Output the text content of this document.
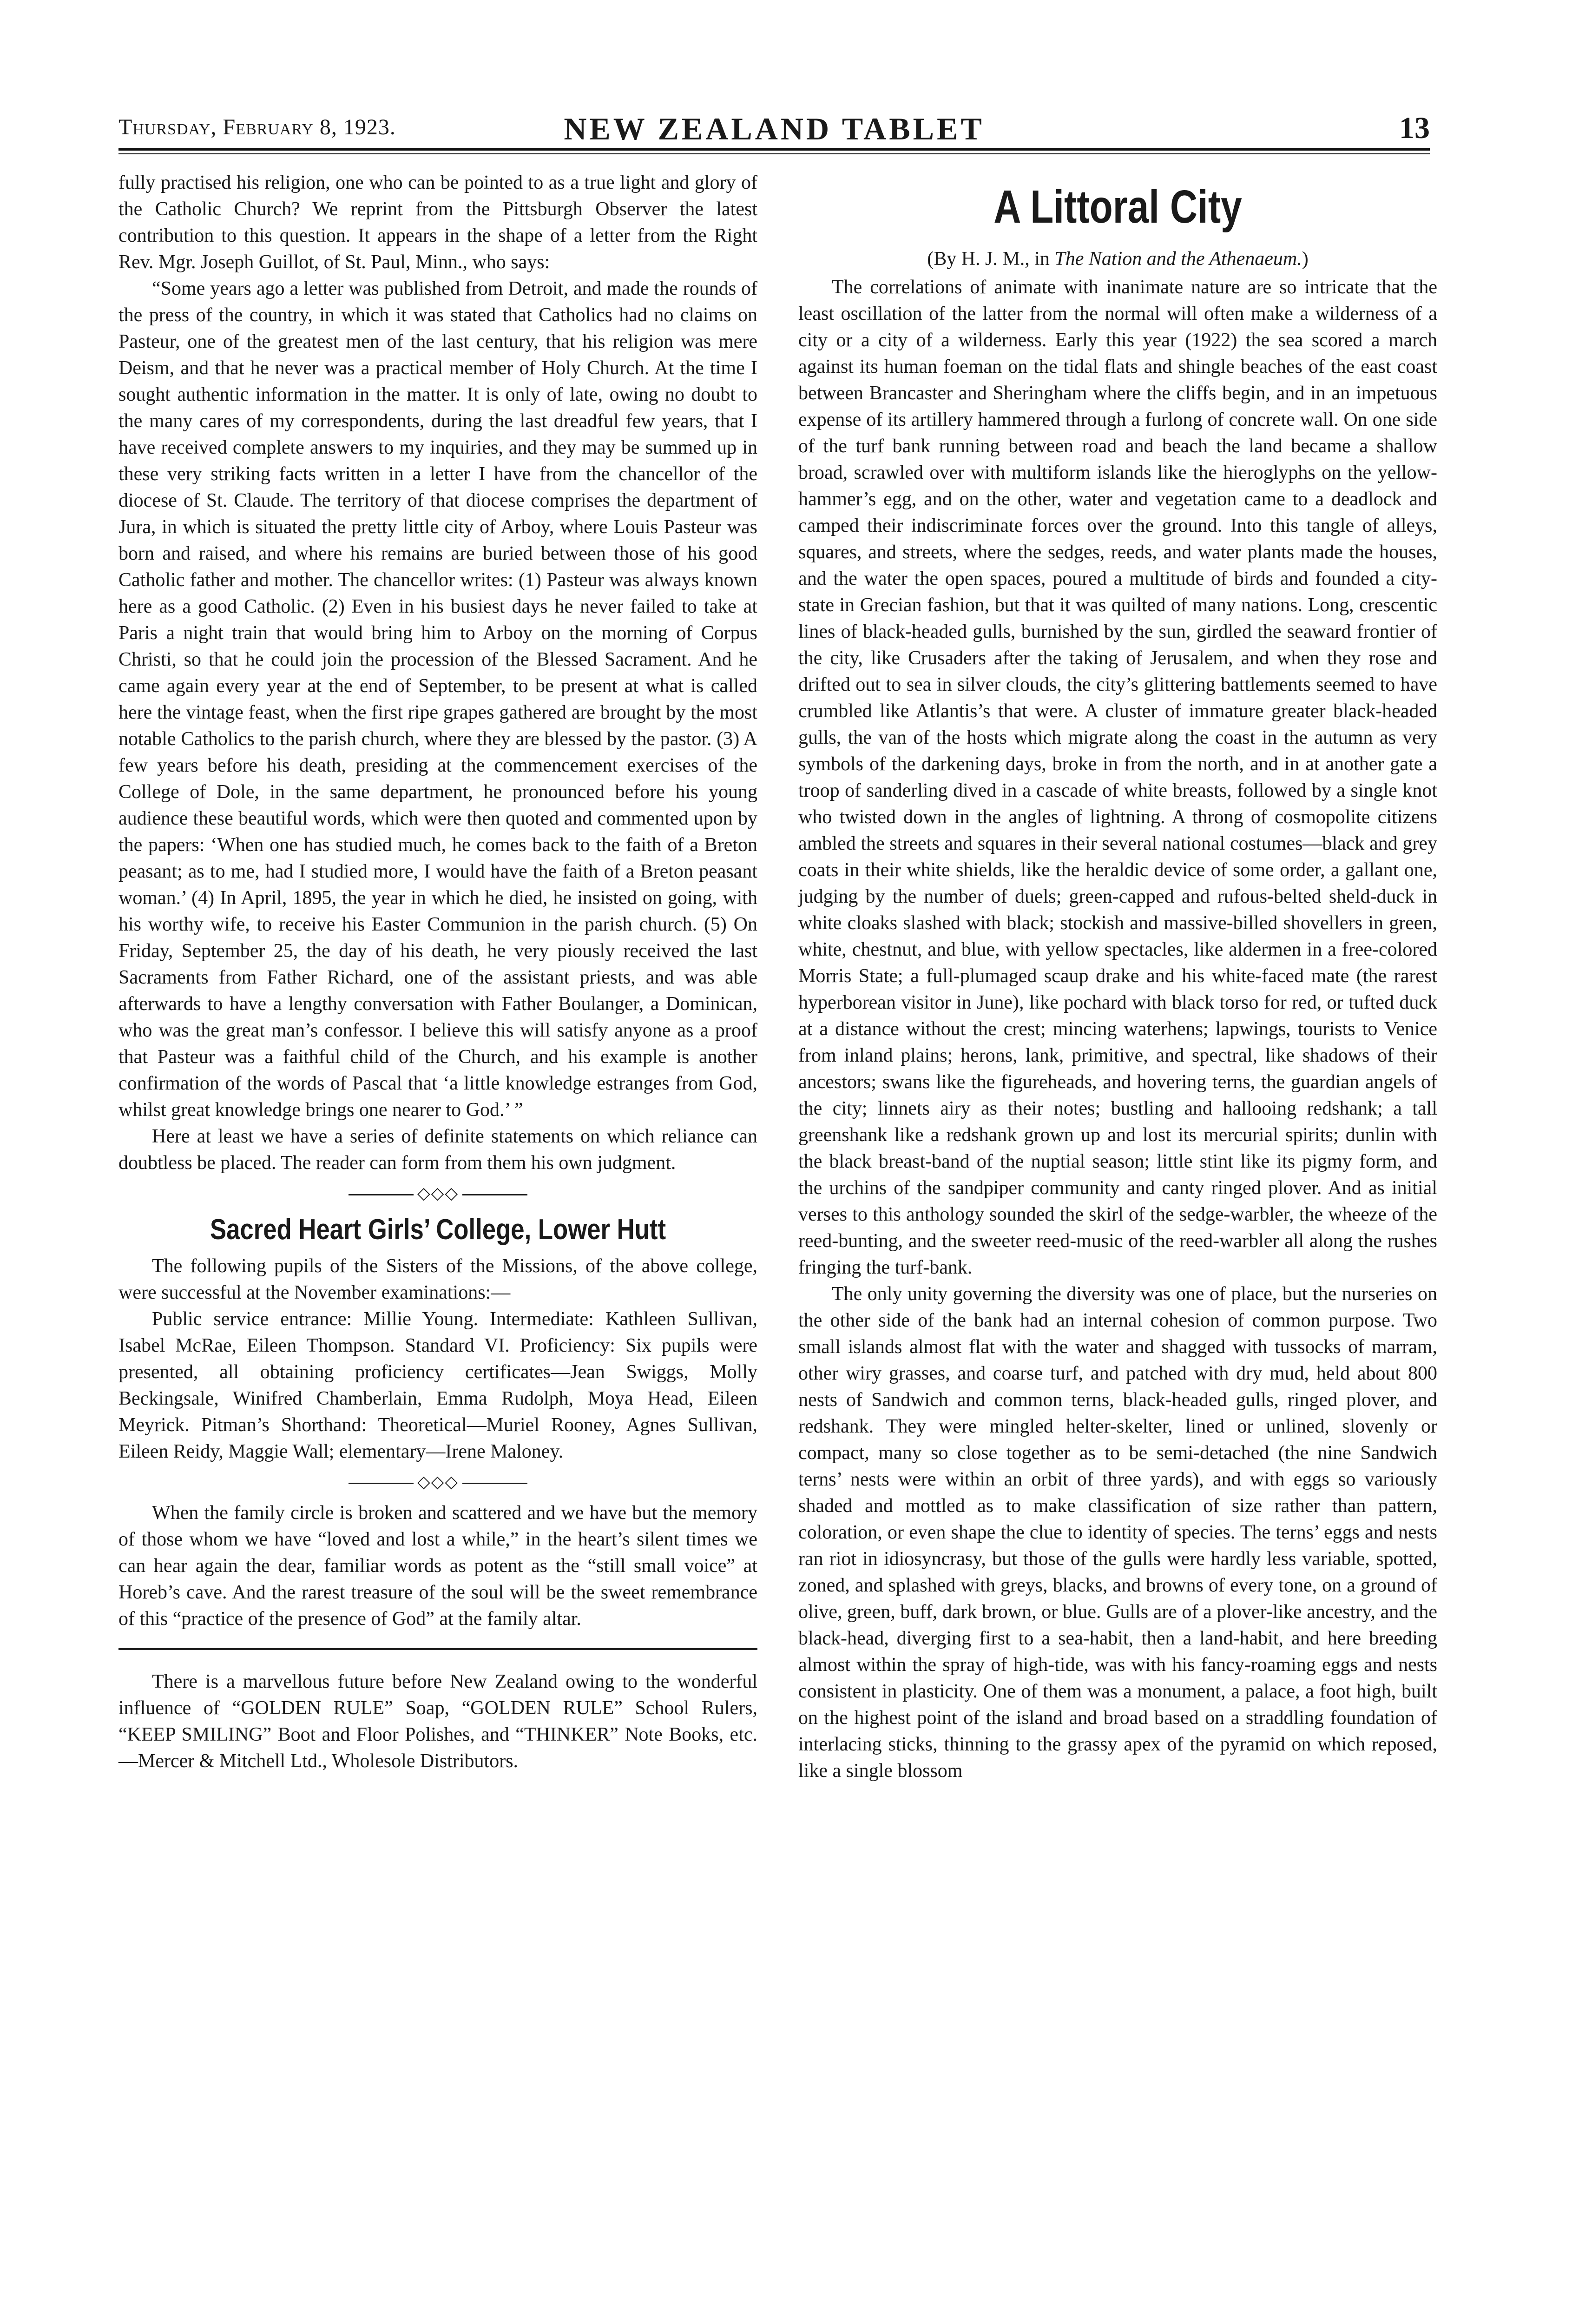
Thursday, February 8, 1923.	NEW ZEALAND TABLET	13

fully practised his religion, one who can be pointed to as a true light and glory of the Catholic Church? We reprint from the Pittsburgh Observer the latest contribution to this question. It appears in the shape of a letter from the Right Rev. Mgr. Joseph Guillot, of St. Paul, Minn., who says:

“Some years ago a letter was published from Detroit, and made the rounds of the press of the country, in which it was stated that Catholics had no claims on Pasteur, one of the greatest men of the last century, that his religion was mere Deism, and that he never was a practical member of Holy Church. At the time I sought authentic information in the matter. It is only of late, owing no doubt to the many cares of my correspondents, during the last dreadful few years, that I have received complete answers to my inquiries, and they may be summed up in these very striking facts written in a letter I have from the chancellor of the diocese of St. Claude. The territory of that diocese comprises the department of Jura, in which is situated the pretty little city of Arboy, where Louis Pasteur was born and raised, and where his remains are buried between those of his good Catholic father and mother. The chancellor writes: (1) Pasteur was always known here as a good Catholic. (2) Even in his busiest days he never failed to take at Paris a night train that would bring him to Arboy on the morning of Corpus Christi, so that he could join the procession of the Blessed Sacrament. And he came again every year at the end of September, to be present at what is called here the vintage feast, when the first ripe grapes gathered are brought by the most notable Catholics to the parish church, where they are blessed by the pastor. (3) A few years before his death, presiding at the commencement exercises of the College of Dole, in the same department, he pronounced before his young audience these beautiful words, which were then quoted and commented upon by the papers: ‘When one has studied much, he comes back to the faith of a Breton peasant; as to me, had I studied more, I would have the faith of a Breton peasant woman.’ (4) In April, 1895, the year in which he died, he insisted on going, with his worthy wife, to receive his Easter Communion in the parish church. (5) On Friday, September 25, the day of his death, he very piously received the last Sacraments from Father Richard, one of the assistant priests, and was able afterwards to have a lengthy conversation with Father Boulanger, a Dominican, who was the great man’s confessor. I believe this will satisfy anyone as a proof that Pasteur was a faithful child of the Church, and his example is another confirmation of the words of Pascal that ‘a little knowledge estranges from God, whilst great knowledge brings one nearer to God.’ ”

Here at least we have a series of definite statements on which reliance can doubtless be placed. The reader can form from them his own judgment.

◇◇◇
Sacred Heart Girls’ College, Lower Hutt

The following pupils of the Sisters of the Missions, of the above college, were successful at the November examinations:—

Public service entrance: Millie Young. Intermediate: Kathleen Sullivan, Isabel McRae, Eileen Thompson. Standard VI. Proficiency: Six pupils were presented, all obtaining proficiency certificates—Jean Swiggs, Molly Beckingsale, Winifred Chamberlain, Emma Rudolph, Moya Head, Eileen Meyrick. Pitman’s Shorthand: Theoretical—Muriel Rooney, Agnes Sullivan, Eileen Reidy, Maggie Wall; elementary—Irene Maloney.

◇◇◇

When the family circle is broken and scattered and we have but the memory of those whom we have “loved and lost a while,” in the heart’s silent times we can hear again the dear, familiar words as potent as the “still small voice” at Horeb’s cave. And the rarest treasure of the soul will be the sweet remembrance of this “practice of the presence of God” at the family altar.

There is a marvellous future before New Zealand owing to the wonderful influence of “GOLDEN RULE” Soap, “GOLDEN RULE” School Rulers, “KEEP SMILING” Boot and Floor Polishes, and “THINKER” Note Books, etc.—Mercer & Mitchell Ltd., Wholesole Distributors.

A Littoral City
(By H. J. M., in The Nation and the Athenaeum.)

The correlations of animate with inanimate nature are so intricate that the least oscillation of the latter from the normal will often make a wilderness of a city or a city of a wilderness. Early this year (1922) the sea scored a march against its human foeman on the tidal flats and shingle beaches of the east coast between Brancaster and Sheringham where the cliffs begin, and in an impetuous expense of its artillery hammered through a furlong of concrete wall. On one side of the turf bank running between road and beach the land became a shallow broad, scrawled over with multiform islands like the hieroglyphs on the yellow-hammer’s egg, and on the other, water and vegetation came to a deadlock and camped their indiscriminate forces over the ground. Into this tangle of alleys, squares, and streets, where the sedges, reeds, and water plants made the houses, and the water the open spaces, poured a multitude of birds and founded a city-state in Grecian fashion, but that it was quilted of many nations. Long, crescentic lines of black-headed gulls, burnished by the sun, girdled the seaward frontier of the city, like Crusaders after the taking of Jerusalem, and when they rose and drifted out to sea in silver clouds, the city’s glittering battlements seemed to have crumbled like Atlantis’s that were. A cluster of immature greater black-headed gulls, the van of the hosts which migrate along the coast in the autumn as very symbols of the darkening days, broke in from the north, and in at another gate a troop of sanderling dived in a cascade of white breasts, followed by a single knot who twisted down in the angles of lightning. A throng of cosmopolite citizens ambled the streets and squares in their several national costumes—black and grey coats in their white shields, like the heraldic device of some order, a gallant one, judging by the number of duels; green-capped and rufous-belted sheld-duck in white cloaks slashed with black; stockish and massive-billed shovellers in green, white, chestnut, and blue, with yellow spectacles, like aldermen in a free-colored Morris State; a full-plumaged scaup drake and his white-faced mate (the rarest hyperborean visitor in June), like pochard with black torso for red, or tufted duck at a distance without the crest; mincing waterhens; lapwings, tourists to Venice from inland plains; herons, lank, primitive, and spectral, like shadows of their ancestors; swans like the figureheads, and hovering terns, the guardian angels of the city; linnets airy as their notes; bustling and hallooing redshank; a tall greenshank like a redshank grown up and lost its mercurial spirits; dunlin with the black breast-band of the nuptial season; little stint like its pigmy form, and the urchins of the sandpiper community and canty ringed plover. And as initial verses to this anthology sounded the skirl of the sedge-warbler, the wheeze of the reed-bunting, and the sweeter reed-music of the reed-warbler all along the rushes fringing the turf-bank.

The only unity governing the diversity was one of place, but the nurseries on the other side of the bank had an internal cohesion of common purpose. Two small islands almost flat with the water and shagged with tussocks of marram, other wiry grasses, and coarse turf, and patched with dry mud, held about 800 nests of Sandwich and common terns, black-headed gulls, ringed plover, and redshank. They were mingled helter-skelter, lined or unlined, slovenly or compact, many so close together as to be semi-detached (the nine Sandwich terns’ nests were within an orbit of three yards), and with eggs so variously shaded and mottled as to make classification of size rather than pattern, coloration, or even shape the clue to identity of species. The terns’ eggs and nests ran riot in idiosyncrasy, but those of the gulls were hardly less variable, spotted, zoned, and splashed with greys, blacks, and browns of every tone, on a ground of olive, green, buff, dark brown, or blue. Gulls are of a plover-like ancestry, and the black-head, diverging first to a sea-habit, then a land-habit, and here breeding almost within the spray of high-tide, was with his fancy-roaming eggs and nests consistent in plasticity. One of them was a monument, a palace, a foot high, built on the highest point of the island and broad based on a straddling foundation of interlacing sticks, thinning to the grassy apex of the pyramid on which reposed, like a single blossom
